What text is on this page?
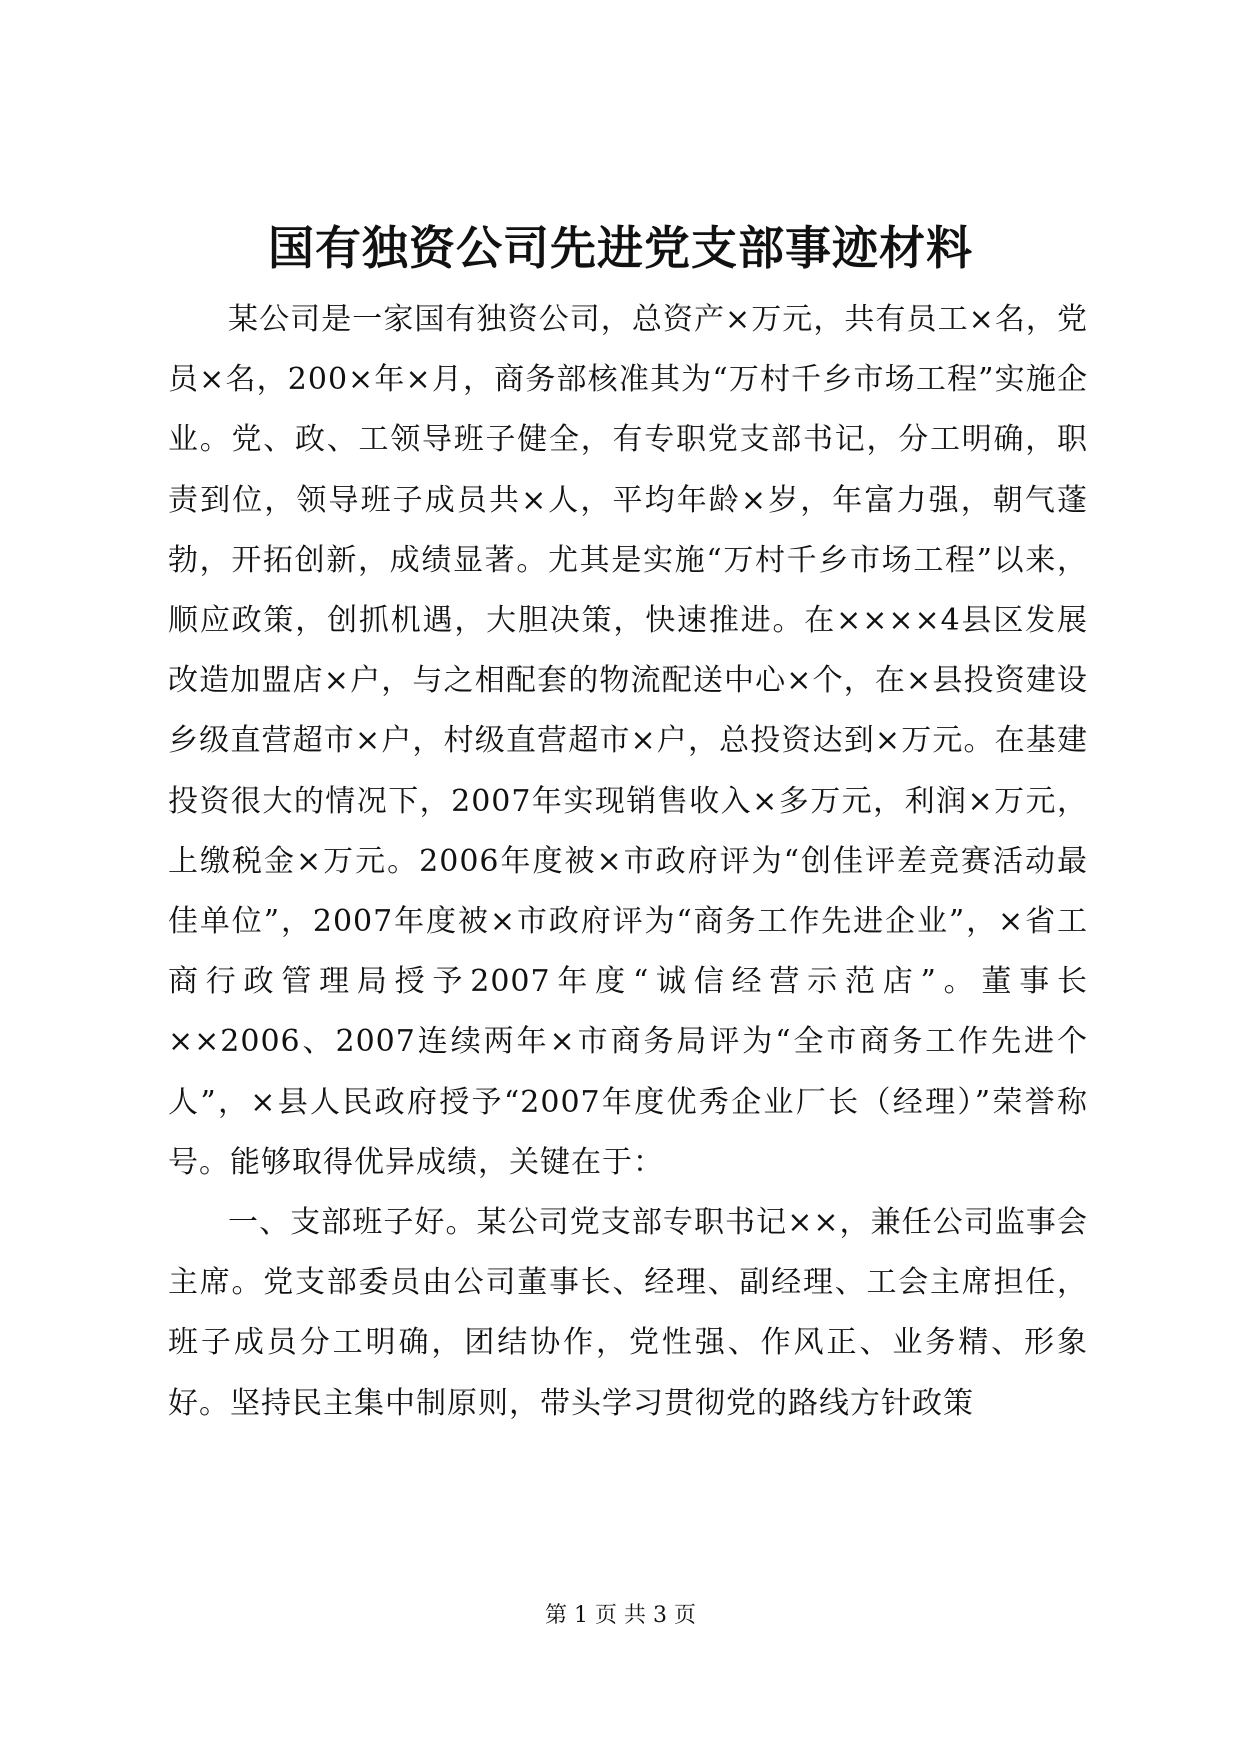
国有独资公司先进党支部事迹材料

某公司是一家国有独资公司，总资产×万元，共有员工×名，党员×名，200×年×月，商务部核准其为“万村千乡市场工程”实施企业。党、政、工领导班子健全，有专职党支部书记，分工明确，职责到位，领导班子成员共×人，平均年龄×岁，年富力强，朝气蓬勃，开拓创新，成绩显著。尤其是实施“万村千乡市场工程”以来，顺应政策，创抓机遇，大胆决策，快速推进。在××××4县区发展改造加盟店×户，与之相配套的物流配送中心×个，在×县投资建设乡级直营超市×户，村级直营超市×户，总投资达到×万元。在基建投资很大的情况下，2007年实现销售收入×多万元，利润×万元，上缴税金×万元。2006年度被×市政府评为“创佳评差竞赛活动最佳单位”，2007年度被×市政府评为“商务工作先进企业”，×省工商行政管理局授予2007年度“诚信经营示范店”。董事长××2006、2007连续两年×市商务局评为“全市商务工作先进个人”，×县人民政府授予“2007年度优秀企业厂长（经理）”荣誉称号。能够取得优异成绩，关键在于：

一、支部班子好。某公司党支部专职书记××，兼任公司监事会主席。党支部委员由公司董事长、经理、副经理、工会主席担任，班子成员分工明确，团结协作，党性强、作风正、业务精、形象好。坚持民主集中制原则，带头学习贯彻党的路线方针政策

第 1 页 共 3 页
